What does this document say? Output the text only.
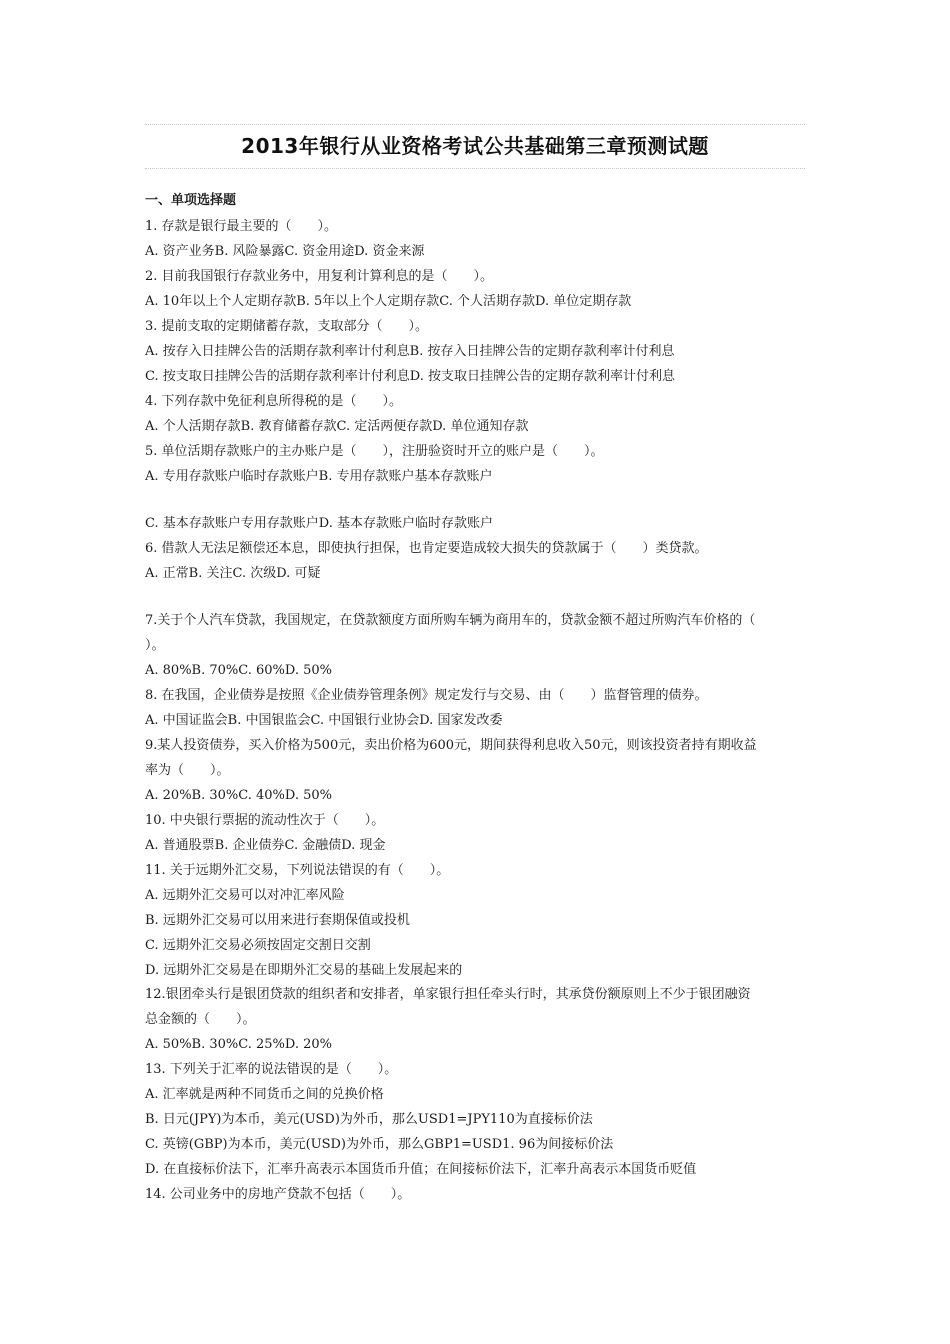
2013年银行从业资格考试公共基础第三章预测试题
一、单项选择题
1. 存款是银行最主要的（　　）。
A. 资产业务B. 风险暴露C. 资金用途D. 资金来源
2. 目前我国银行存款业务中，用复利计算利息的是（　　）。
A. 10年以上个人定期存款B. 5年以上个人定期存款C. 个人活期存款D. 单位定期存款
3. 提前支取的定期储蓄存款，支取部分（　　）。
A. 按存入日挂牌公告的活期存款利率计付利息B. 按存入日挂牌公告的定期存款利率计付利息
C. 按支取日挂牌公告的活期存款利率计付利息D. 按支取日挂牌公告的定期存款利率计付利息
4. 下列存款中免征利息所得税的是（　　）。
A. 个人活期存款B. 教育储蓄存款C. 定活两便存款D. 单位通知存款
5. 单位活期存款账户的主办账户是（　　），注册验资时开立的账户是（　　）。
A. 专用存款账户临时存款账户B. 专用存款账户基本存款账户
C. 基本存款账户专用存款账户D. 基本存款账户临时存款账户
6. 借款人无法足额偿还本息，即使执行担保，也肯定要造成较大损失的贷款属于（　　）类贷款。
A. 正常B. 关注C. 次级D. 可疑
7.关于个人汽车贷款，我国规定，在贷款额度方面所购车辆为商用车的，贷款金额不超过所购汽车价格的（
）。
A. 80%B. 70%C. 60%D. 50%
8. 在我国，企业债券是按照《企业债券管理条例》规定发行与交易、由（　　）监督管理的债券。
A. 中国证监会B. 中国银监会C. 中国银行业协会D. 国家发改委
9.某人投资债券，买入价格为500元，卖出价格为600元，期间获得利息收入50元，则该投资者持有期收益
率为（　　）。
A. 20%B. 30%C. 40%D. 50%
10. 中央银行票据的流动性次于（　　）。
A. 普通股票B. 企业债券C. 金融债D. 现金
11. 关于远期外汇交易，下列说法错误的有（　　）。
A. 远期外汇交易可以对冲汇率风险
B. 远期外汇交易可以用来进行套期保值或投机
C. 远期外汇交易必须按固定交割日交割
D. 远期外汇交易是在即期外汇交易的基础上发展起来的
12.银团牵头行是银团贷款的组织者和安排者，单家银行担任牵头行时，其承贷份额原则上不少于银团融资
总金额的（　　）。
A. 50%B. 30%C. 25%D. 20%
13. 下列关于汇率的说法错误的是（　　）。
A. 汇率就是两种不同货币之间的兑换价格
B. 日元(JPY)为本币，美元(USD)为外币，那么USD1=JPY110为直接标价法
C. 英镑(GBP)为本币，美元(USD)为外币，那么GBP1=USD1. 96为间接标价法
D. 在直接标价法下，汇率升高表示本国货币升值；在间接标价法下，汇率升高表示本国货币贬值
14. 公司业务中的房地产贷款不包括（　　）。
